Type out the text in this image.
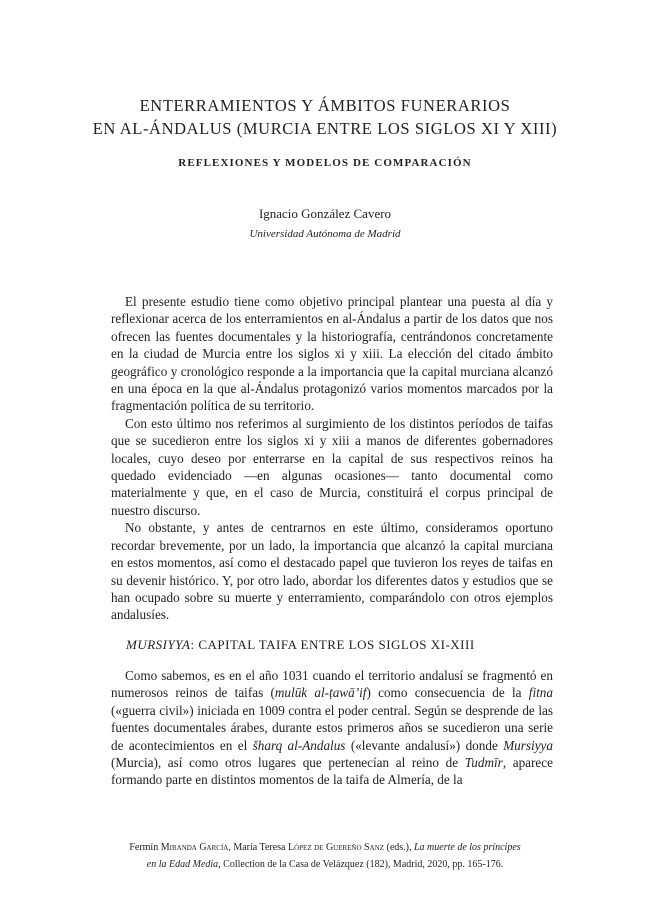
ENTERRAMIENTOS Y ÁMBITOS FUNERARIOS
EN AL-ÁNDALUS (MURCIA ENTRE LOS SIGLOS XI Y XIII)
REFLEXIONES Y MODELOS DE COMPARACIÓN
Ignacio González Cavero
Universidad Autónoma de Madrid

El presente estudio tiene como objetivo principal plantear una puesta al día y reflexionar acerca de los enterramientos en al-Ándalus a partir de los datos que nos ofrecen las fuentes documentales y la historiografía, centrándonos concretamente en la ciudad de Murcia entre los siglos xi y xiii. La elección del citado ámbito geográfico y cronológico responde a la importancia que la capital murciana alcanzó en una época en la que al-Ándalus protagonizó varios momentos marcados por la fragmentación política de su territorio.

Con esto último nos referimos al surgimiento de los distintos períodos de taifas que se sucedieron entre los siglos xi y xiii a manos de diferentes gobernadores locales, cuyo deseo por enterrarse en la capital de sus respectivos reinos ha quedado evidenciado —en algunas ocasiones— tanto documental como materialmente y que, en el caso de Murcia, constituirá el corpus principal de nuestro discurso.

No obstante, y antes de centrarnos en este último, consideramos oportuno recordar brevemente, por un lado, la importancia que alcanzó la capital murciana en estos momentos, así como el destacado papel que tuvieron los reyes de taifas en su devenir histórico. Y, por otro lado, abordar los diferentes datos y estudios que se han ocupado sobre su muerte y enterramiento, comparándolo con otros ejemplos andalusíes.

MURSIYYA: CAPITAL TAIFA ENTRE LOS SIGLOS XI-XIII

Como sabemos, es en el año 1031 cuando el territorio andalusí se fragmentó en numerosos reinos de taifas (mulūk al-ṭawā’if) como consecuencia de la fitna («guerra civil») iniciada en 1009 contra el poder central. Según se desprende de las fuentes documentales árabes, durante estos primeros años se sucedieron una serie de acontecimientos en el šharq al-Andalus («levante andalusí») donde Mursiyya (Murcia), así como otros lugares que pertenecían al reino de Tudmīr, aparece formando parte en distintos momentos de la taifa de Almería, de la

Fermín Miranda García, María Teresa López de Guereño Sanz (eds.), La muerte de los príncipes
en la Edad Media, Collection de la Casa de Velázquez (182), Madrid, 2020, pp. 165-176.
